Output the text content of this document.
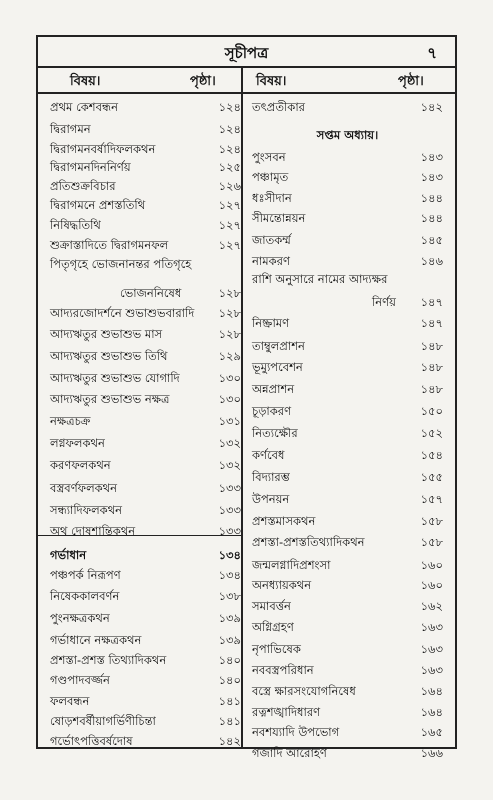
সূচীপত্র	৭
বিষয়।	পৃষ্ঠা।	বিষয়।	পৃষ্ঠা।
প্রথম কেশবন্ধন	১২৪
দ্বিরাগমন	১২৪
দ্বিরাগমনবর্ষাদিফলকথন	১২৪
দ্বিরাগমনদিননির্ণয়	১২৫
প্রতিশুক্রবিচার	১২৬
দ্বিরাগমনে প্রশস্ততিথি	১২৭
নিষিদ্ধতিথি	১২৭
শুক্রাস্তাদিতে দ্বিরাগমনফল	১২৭
পিতৃগৃহে ভোজনানন্তর পতিগৃহে
ভোজননিষেধ	১২৮
আদ্যরজোদর্শনে শুভাশুভবারাদি ১২৮
আদ্যঋতুর শুভাশুভ মাস	১২৮
আদ্যঋতুর শুভাশুভ তিথি	১২৯
আদ্যঋতুর শুভাশুভ যোগাদি	১৩০
আদ্যঋতুর শুভাশুভ নক্ষত্র	১৩০
নক্ষত্রচক্র	১৩১
লগ্নফলকথন	১৩২
করণফলকথন	১৩২
বস্ত্রবর্ণফলকথন	১৩৩
সন্ধ্যাদিফলকথন	১৩৩
অথ দোষশান্তিকথন	১৩৩
গর্ভাধান	১৩৪
পঞ্চপর্ক নিরূপণ	১৩৪
নিষেককালবর্ণন	১৩৮
পুংনক্ষত্রকথন	১৩৯
গর্ভাধানে নক্ষত্রকথন	১৩৯
প্রশস্তা-প্রশস্ত তিথ্যাদিকথন	১৪০
গণ্ডপাদবর্জ্জন	১৪০
ফলবন্ধন	১৪১
ষোড়শবর্ষীয়াগর্ভিণীচিন্তা	১৪১
গর্ভোৎপত্তিবর্ষদোষ	১৪২
তৎপ্রতীকার	১৪২
সপ্তম অধ্যায়।
পুংসবন	১৪৩
পঞ্চামৃত	১৪৩
ধঃসীদান	১৪৪
সীমন্তোন্নয়ন	১৪৪
জাতকর্ম্ম	১৪৫
নামকরণ	১৪৬
রাশি অনুসারে নামের আদ্যক্ষর
নির্ণয় ১৪৭
নিষ্ক্রামণ	১৪৭
তাম্বুলপ্রাশন	১৪৮
ভূম্যুপবেশন	১৪৮
অন্নপ্রাশন	১৪৮
চূড়াকরণ	১৫০
নিত্যক্ষৌর	১৫২
কর্ণবেধ	১৫৪
বিদ্যারম্ভ	১৫৫
উপনয়ন	১৫৭
প্রশস্তমাসকথন	১৫৮
প্রশস্তা-প্রশস্ততিথ্যাদিকথন	১৫৮
জন্মলগ্নাদিপ্রশংসা	১৬০
অনধ্যায়কথন	১৬০
সমাবর্ত্তন	১৬২
অগ্নিগ্রহণ	১৬৩
নৃপাভিষেক	১৬৩
নববস্ত্রপরিধান	১৬৩
বস্ত্রে ক্ষারসংযোগনিষেধ	১৬৪
রত্নশঙ্খাদিধারণ	১৬৪
নবশয্যাদি উপভোগ	১৬৫
গজাদি আরোহণ	১৬৬
